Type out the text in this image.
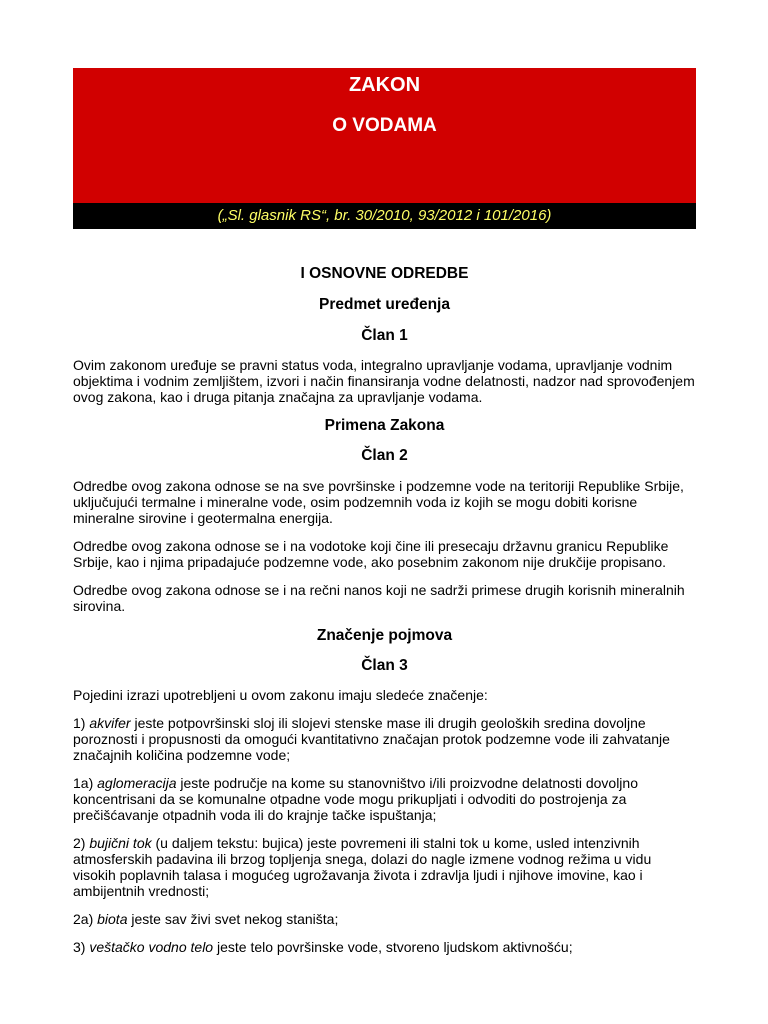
ZAKON
O VODAMA
(„Sl. glasnik RS“, br. 30/2010, 93/2012 i 101/2016)

I OSNOVNE ODREDBE

Predmet uređenja

Član 1

Ovim zakonom uređuje se pravni status voda, integralno upravljanje vodama, upravljanje vodnim objektima i vodnim zemljištem, izvori i način finansiranja vodne delatnosti, nadzor nad sprovođenjem ovog zakona, kao i druga pitanja značajna za upravljanje vodama.

Primena Zakona

Član 2

Odredbe ovog zakona odnose se na sve površinske i podzemne vode na teritoriji Republike Srbije, uključujući termalne i mineralne vode, osim podzemnih voda iz kojih se mogu dobiti korisne mineralne sirovine i geotermalna energija.

Odredbe ovog zakona odnose se i na vodotoke koji čine ili presecaju državnu granicu Republike Srbije, kao i njima pripadajuće podzemne vode, ako posebnim zakonom nije drukčije propisano.

Odredbe ovog zakona odnose se i na rečni nanos koji ne sadrži primese drugih korisnih mineralnih sirovina.

Značenje pojmova

Član 3

Pojedini izrazi upotrebljeni u ovom zakonu imaju sledeće značenje:

1) akvifer jeste potpovršinski sloj ili slojevi stenske mase ili drugih geoloških sredina dovoljne poroznosti i propusnosti da omogući kvantitativno značajan protok podzemne vode ili zahvatanje značajnih količina podzemne vode;

1a) aglomeracija jeste područje na kome su stanovništvo i/ili proizvodne delatnosti dovoljno koncentrisani da se komunalne otpadne vode mogu prikupljati i odvoditi do postrojenja za prečišćavanje otpadnih voda ili do krajnje tačke ispuštanja;

2) bujični tok (u daljem tekstu: bujica) jeste povremeni ili stalni tok u kome, usled intenzivnih atmosferskih padavina ili brzog topljenja snega, dolazi do nagle izmene vodnog režima u vidu visokih poplavnih talasa i mogućeg ugrožavanja života i zdravlja ljudi i njihove imovine, kao i ambijentnih vrednosti;

2a) biota jeste sav živi svet nekog staništa;

3) veštačko vodno telo jeste telo površinske vode, stvoreno ljudskom aktivnošću;
